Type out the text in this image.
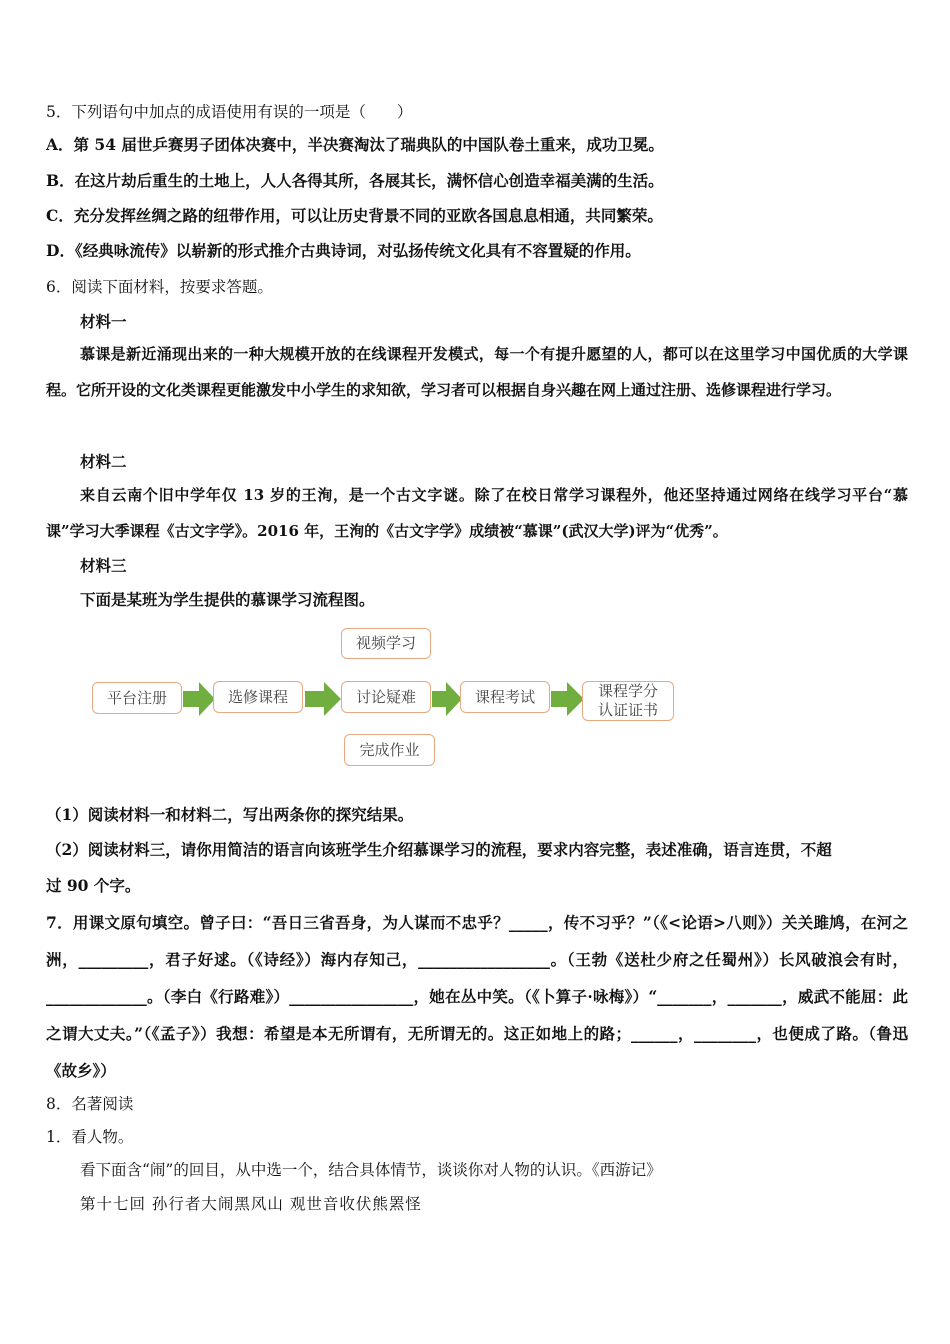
5．下列语句中加点的成语使用有误的一项是（　　）
A．第 54 届世乒赛男子团体决赛中，半决赛淘汰了瑞典队的中国队卷土重来，成功卫冕。
B．在这片劫后重生的土地上，人人各得其所，各展其长，满怀信心创造幸福美满的生活。
C．充分发挥丝绸之路的纽带作用，可以让历史背景不同的亚欧各国息息相通，共同繁荣。
D．《经典咏流传》以崭新的形式推介古典诗词，对弘扬传统文化具有不容置疑的作用。
6．阅读下面材料，按要求答题。
材料一
慕课是新近涌现出来的一种大规模开放的在线课程开发模式，每一个有提升愿望的人，都可以在这里学习中国优质的大学课程。它所开设的文化类课程更能激发中小学生的求知欲，学习者可以根据自身兴趣在网上通过注册、选修课程进行学习。
材料二
来自云南个旧中学年仅 13 岁的王洵，是一个古文字谜。除了在校日常学习课程外，他还坚持通过网络在线学习平台“慕课”学习大季课程《古文字学》。2016 年，王洵的《古文字学》成绩被“慕课”(武汉大学)评为“优秀”。
材料三
下面是某班为学生提供的慕课学习流程图。
视频学习
平台注册	选修课程	讨论疑难	课程考试	课程学分
认证证书
完成作业
（1）阅读材料一和材料二，写出两条你的探究结果。
（2）阅读材料三，请你用简洁的语言向该班学生介绍慕课学习的流程，要求内容完整，表述准确，语言连贯，不超
过 90 个字。
7．用课文原句填空。曾子曰：“吾日三省吾身，为人谋而不忠乎？_____，传不习乎？”（《<论语>八则》）关关雎鸠，在河之洲，_________，君子好逑。（《诗经》）海内存知己，_________________。（王勃《送杜少府之任蜀州》）长风破浪会有时，_____________。（李白《行路难》）________________，她在丛中笑。（《卜算子·咏梅》）“_______，_______，威武不能屈：此之谓大丈夫。”（《孟子》）我想：希望是本无所谓有，无所谓无的。这正如地上的路；______，________，也便成了路。（鲁迅《故乡》）
8．名著阅读
1．看人物。
看下面含“闹”的回目，从中选一个，结合具体情节，谈谈你对人物的认识。《西游记》
第十七回 孙行者大闹黑风山 观世音收伏熊罴怪
